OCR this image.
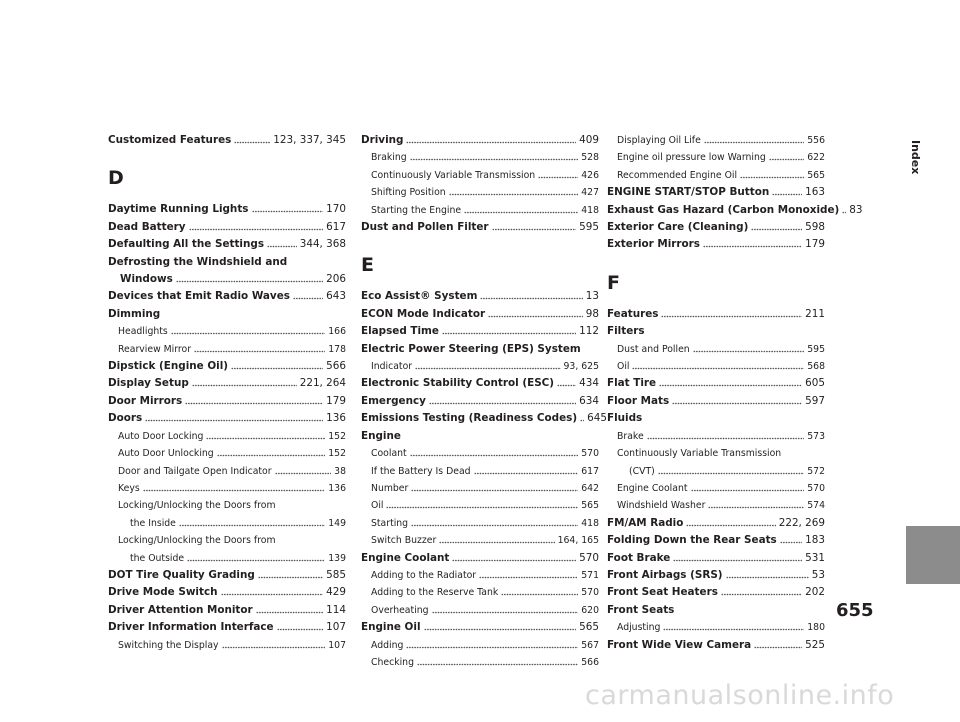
Customized Features	123, 337, 345
D
Daytime Running Lights	170
Dead Battery	617
Defaulting All the Settings	344, 368
Defrosting the Windshield and
Windows	206
Devices that Emit Radio Waves	643
Dimming
Headlights	166
Rearview Mirror	178
Dipstick (Engine Oil)	566
Display Setup	221, 264
Door Mirrors	179
Doors	136
Auto Door Locking	152
Auto Door Unlocking	152
Door and Tailgate Open Indicator	38
Keys	136
Locking/Unlocking the Doors from
the Inside	149
Locking/Unlocking the Doors from
the Outside	139
DOT Tire Quality Grading	585
Drive Mode Switch	429
Driver Attention Monitor	114
Driver Information Interface	107
Switching the Display	107
Driving	409
Braking	528
Continuously Variable Transmission	426
Shifting Position	427
Starting the Engine	418
Dust and Pollen Filter	595
E
Eco Assist® System	13
ECON Mode Indicator	98
Elapsed Time	112
Electric Power Steering (EPS) System
Indicator	93, 625
Electronic Stability Control (ESC) 434
Emergency	634
Emissions Testing (Readiness Codes) 645
Engine
Coolant	570
If the Battery Is Dead	617
Number	642
Oil	565
Starting	418
Switch Buzzer	164, 165
Engine Coolant	570
Adding to the Radiator	571
Adding to the Reserve Tank	570
Overheating	620
Engine Oil	565
Adding	567
Checking	566
Displaying Oil Life	556
Engine oil pressure low Warning	622
Recommended Engine Oil	565
ENGINE START/STOP Button	163
Exhaust Gas Hazard (Carbon Monoxide) 83
Exterior Care (Cleaning)	598
Exterior Mirrors	179
F
Features	211
Filters
Dust and Pollen	595
Oil	568
Flat Tire	605
Floor Mats	597
Fluids
Brake	573
Continuously Variable Transmission
(CVT)	572
Engine Coolant	570
Windshield Washer	574
FM/AM Radio	222, 269
Folding Down the Rear Seats	183
Foot Brake	531
Front Airbags (SRS)	53
Front Seat Heaters	202
Front Seats
Adjusting	180
Front Wide View Camera	525
Index
655
carmanualsonline.info
